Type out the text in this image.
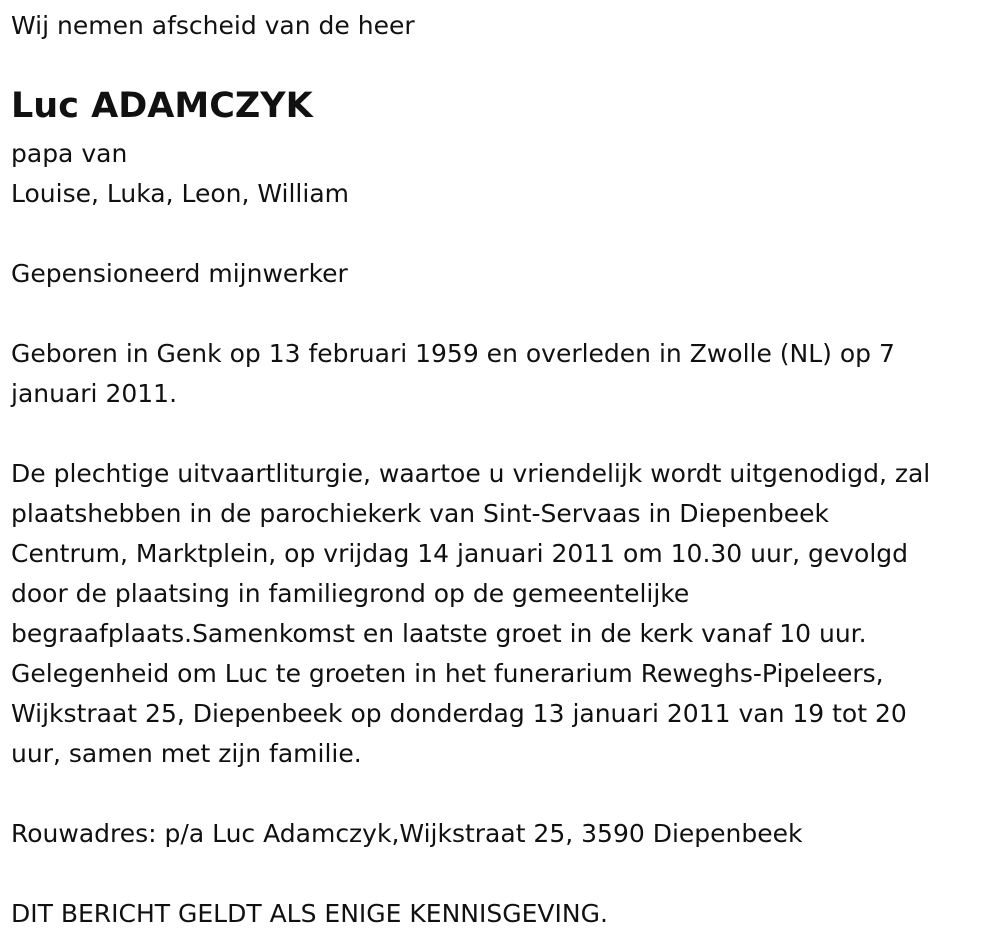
Wij nemen afscheid van de heer

Luc ADAMCZYK

papa van

Louise, Luka, Leon, William

Gepensioneerd mijnwerker

Geboren in Genk op 13 februari 1959 en overleden in Zwolle (NL) op 7

januari 2011.

De plechtige uitvaartliturgie, waartoe u vriendelijk wordt uitgenodigd, zal

plaatshebben in de parochiekerk van Sint-Servaas in Diepenbeek

Centrum, Marktplein, op vrijdag 14 januari 2011 om 10.30 uur, gevolgd

door de plaatsing in familiegrond op de gemeentelijke

begraafplaats.Samenkomst en laatste groet in de kerk vanaf 10 uur.

Gelegenheid om Luc te groeten in het funerarium Reweghs-Pipeleers,

Wijkstraat 25, Diepenbeek op donderdag 13 januari 2011 van 19 tot 20

uur, samen met zijn familie.

Rouwadres: p/a Luc Adamczyk,Wijkstraat 25, 3590 Diepenbeek

DIT BERICHT GELDT ALS ENIGE KENNISGEVING.
